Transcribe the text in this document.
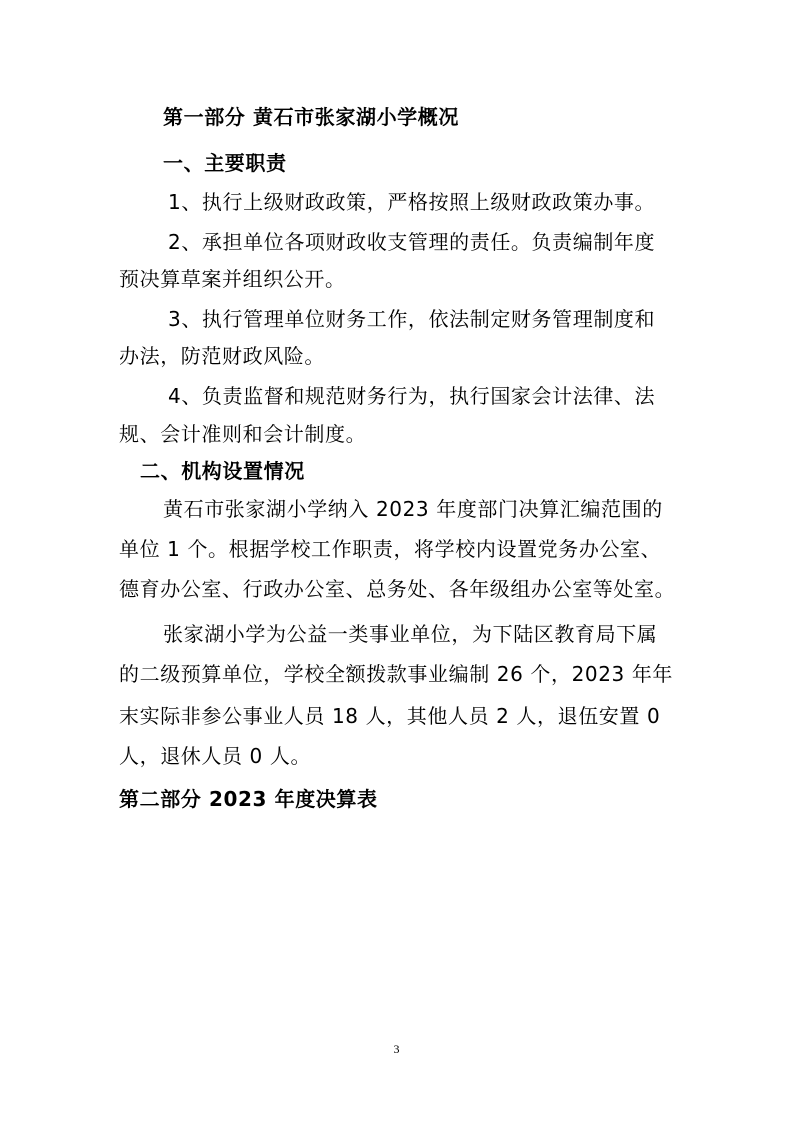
第一部分 黄石市张家湖小学概况
一、主要职责
1、执行上级财政政策，严格按照上级财政政策办事。
2、承担单位各项财政收支管理的责任。负责编制年度
预决算草案并组织公开。
3、执行管理单位财务工作，依法制定财务管理制度和
办法，防范财政风险。
4、负责监督和规范财务行为，执行国家会计法律、法
规、会计准则和会计制度。
二、机构设置情况
黄石市张家湖小学纳入 2023 年度部门决算汇编范围的
单位 1 个。根据学校工作职责，将学校内设置党务办公室、
德育办公室、行政办公室、总务处、各年级组办公室等处室。
张家湖小学为公益一类事业单位，为下陆区教育局下属
的二级预算单位，学校全额拨款事业编制 26 个，2023 年年
末实际非参公事业人员 18 人，其他人员 2 人，退伍安置 0
人，退休人员 0 人。
第二部分 2023 年度决算表
3
